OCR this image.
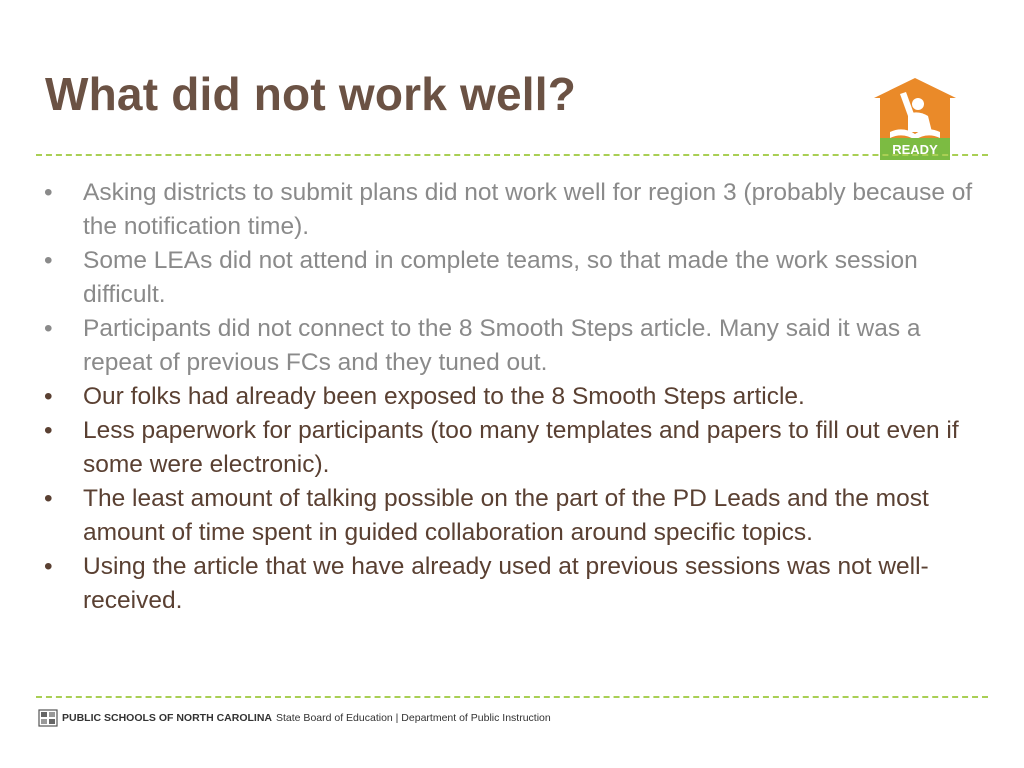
What did not work well?
READY
•	Asking districts to submit plans did not work well for region 3 (probably because of the notification time).
•	Some LEAs did not attend in complete teams, so that made the work session difficult.
•	Participants did not connect to the 8 Smooth Steps article. Many said it was a repeat of previous FCs and they tuned out.
•	Our folks had already been exposed to the 8 Smooth Steps article.
•	Less paperwork for participants (too many templates and papers to fill out even if some were electronic).
•	The least amount of talking possible on the part of the PD Leads and the most amount of time spent in guided collaboration around specific topics.
•	Using the article that we have already used at previous sessions was not well-received.
PUBLIC SCHOOLS OF NORTH CAROLINA State Board of Education | Department of Public Instruction
